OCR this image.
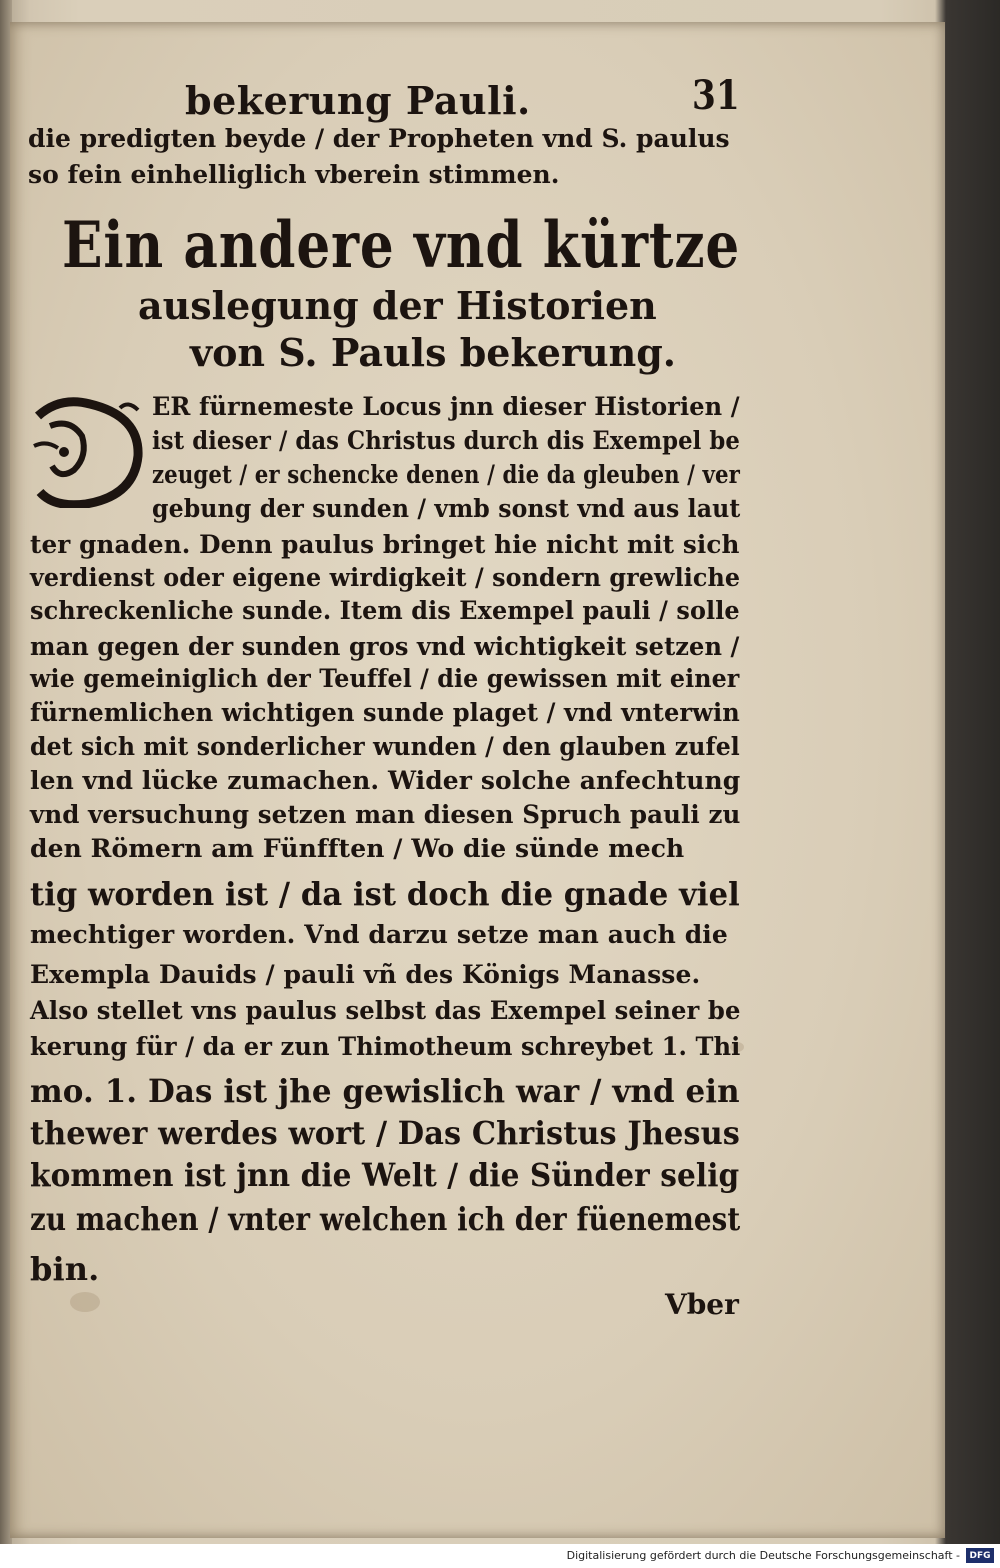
bekerung Pauli.	31
die predigten beyde / der Propheten vnd S. paulus
so fein einhelliglich vberein stimmen.
Ein andere vnd kürtze
auslegung der Historien
von S. Pauls bekerung.
ER fürnemeste Locus jnn dieser Historien /
ist dieser / das Christus durch dis Exempel be
zeuget / er schencke denen / die da gleuben / ver
gebung der sunden / vmb sonst vnd aus laut
ter gnaden. Denn paulus bringet hie nicht mit sich
verdienst oder eigene wirdigkeit / sondern grewliche
schreckenliche sunde. Item dis Exempel pauli / solle
man gegen der sunden gros vnd wichtigkeit setzen /
wie gemeiniglich der Teuffel / die gewissen mit einer
fürnemlichen wichtigen sunde plaget / vnd vnterwin
det sich mit sonderlicher wunden / den glauben zufel
len vnd lücke zumachen. Wider solche anfechtung
vnd versuchung setzen man diesen Spruch pauli zu
den Römern am Fünfften / Wo die sünde mech
tig worden ist / da ist doch die gnade viel
mechtiger worden. Vnd darzu setze man auch die
Exempla Dauids / pauli vñ des Königs Manasse.
Also stellet vns paulus selbst das Exempel seiner be
kerung für / da er zun Thimotheum schreybet 1. Thi
mo. 1. Das ist jhe gewislich war / vnd ein
thewer werdes wort / Das Christus Jhesus
kommen ist jnn die Welt / die Sünder selig
zu machen / vnter welchen ich der füenemest
bin.
Vber
Digitalisierung gefördert durch die Deutsche Forschungsgemeinschaft -	DFG
